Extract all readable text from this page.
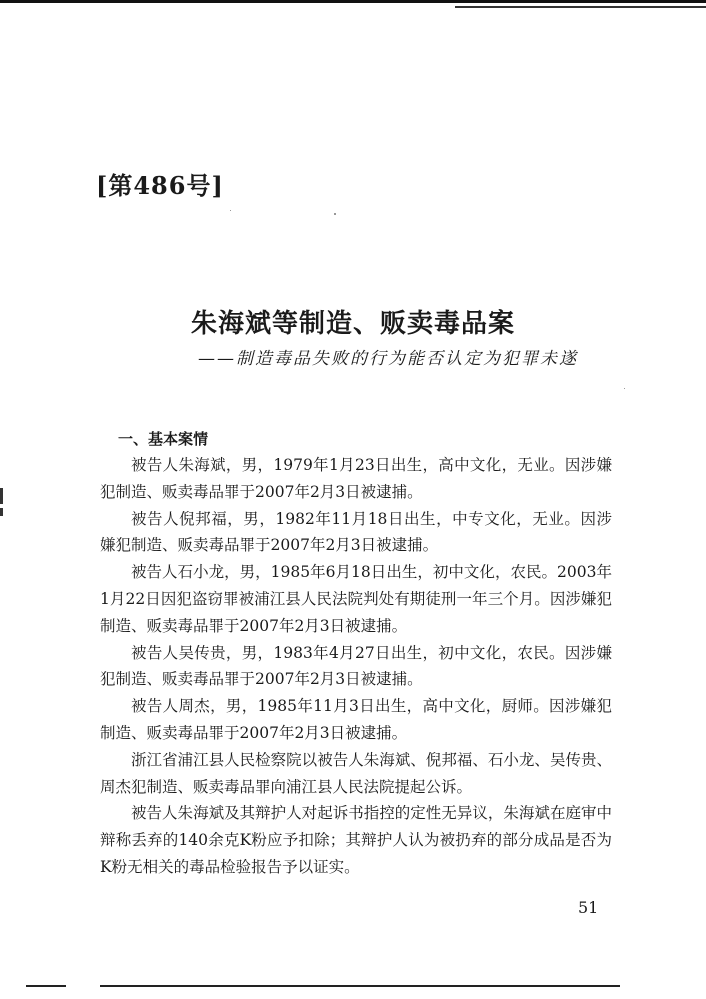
[第486号]
朱海斌等制造、贩卖毒品案
——制造毒品失败的行为能否认定为犯罪未遂
一、基本案情

被告人朱海斌，男，1979年1月23日出生，高中文化，无业。因涉嫌犯制造、贩卖毒品罪于2007年2月3日被逮捕。

被告人倪邦福，男，1982年11月18日出生，中专文化，无业。因涉嫌犯制造、贩卖毒品罪于2007年2月3日被逮捕。

被告人石小龙，男，1985年6月18日出生，初中文化，农民。2003年1月22日因犯盗窃罪被浦江县人民法院判处有期徒刑一年三个月。因涉嫌犯制造、贩卖毒品罪于2007年2月3日被逮捕。

被告人吴传贵，男，1983年4月27日出生，初中文化，农民。因涉嫌犯制造、贩卖毒品罪于2007年2月3日被逮捕。

被告人周杰，男，1985年11月3日出生，高中文化，厨师。因涉嫌犯制造、贩卖毒品罪于2007年2月3日被逮捕。

浙江省浦江县人民检察院以被告人朱海斌、倪邦福、石小龙、吴传贵、周杰犯制造、贩卖毒品罪向浦江县人民法院提起公诉。

被告人朱海斌及其辩护人对起诉书指控的定性无异议，朱海斌在庭审中辩称丢弃的140余克K粉应予扣除；其辩护人认为被扔弃的部分成品是否为K粉无相关的毒品检验报告予以证实。

51
